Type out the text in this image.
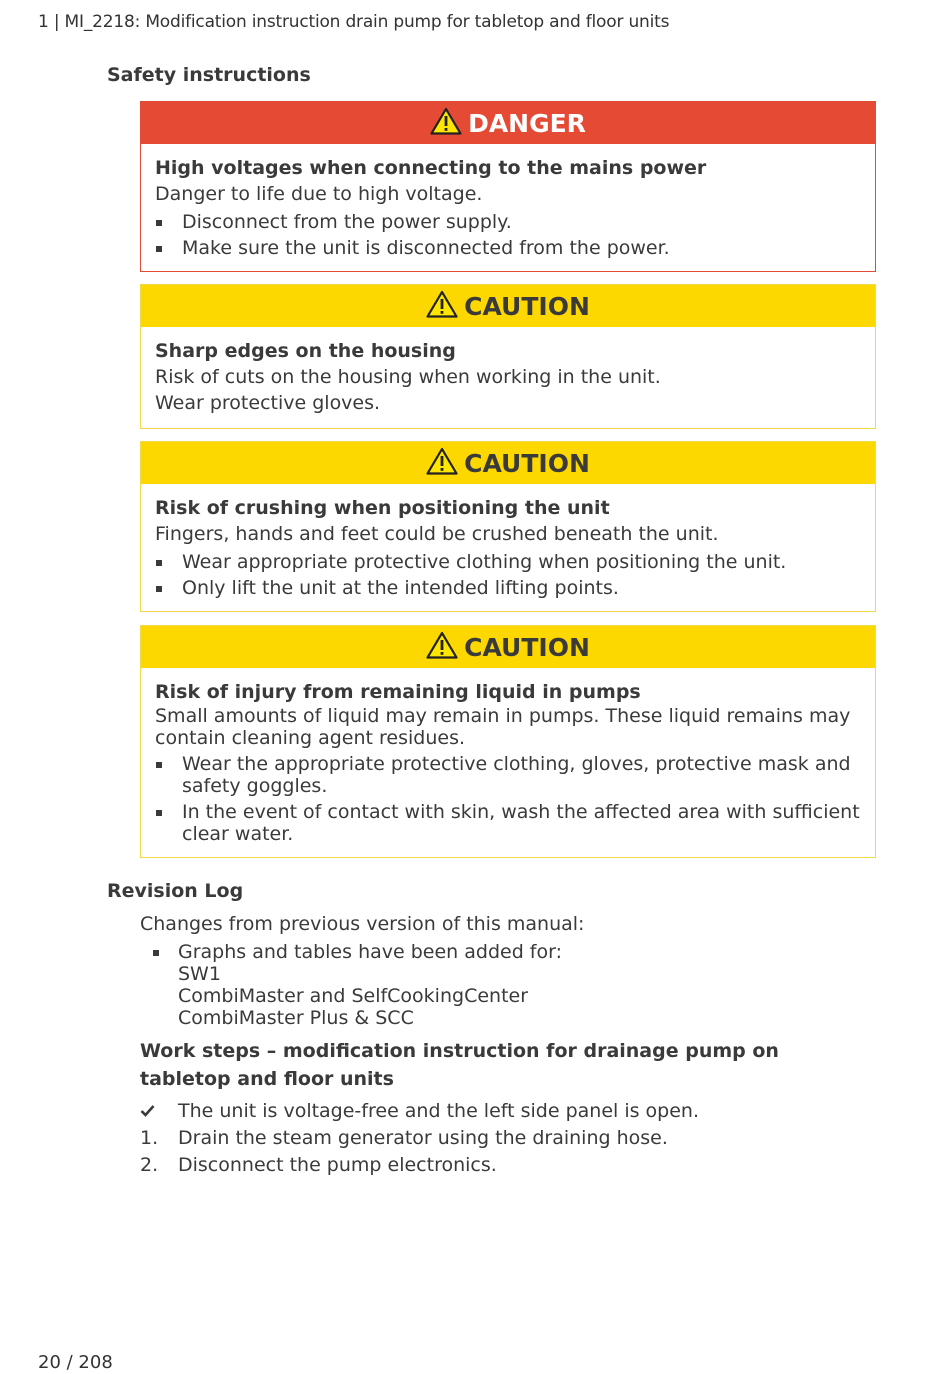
1 | MI_2218: Modification instruction drain pump for tabletop and floor units
Safety instructions
DANGER
High voltages when connecting to the mains power
Danger to life due to high voltage.
Disconnect from the power supply.
Make sure the unit is disconnected from the power.
CAUTION
Sharp edges on the housing
Risk of cuts on the housing when working in the unit.
Wear protective gloves.
CAUTION
Risk of crushing when positioning the unit
Fingers, hands and feet could be crushed beneath the unit.
Wear appropriate protective clothing when positioning the unit.
Only lift the unit at the intended lifting points.
CAUTION
Risk of injury from remaining liquid in pumps
Small amounts of liquid may remain in pumps. These liquid remains may contain cleaning agent residues.
Wear the appropriate protective clothing, gloves, protective mask and safety goggles.
In the event of contact with skin, wash the affected area with sufficient clear water.
Revision Log
Changes from previous version of this manual:
Graphs and tables have been added for:
SW1
CombiMaster and SelfCookingCenter
CombiMaster Plus & SCC
Work steps – modification instruction for drainage pump on tabletop and floor units
The unit is voltage-free and the left side panel is open.
1.	Drain the steam generator using the draining hose.
2.	Disconnect the pump electronics.
20 / 208
